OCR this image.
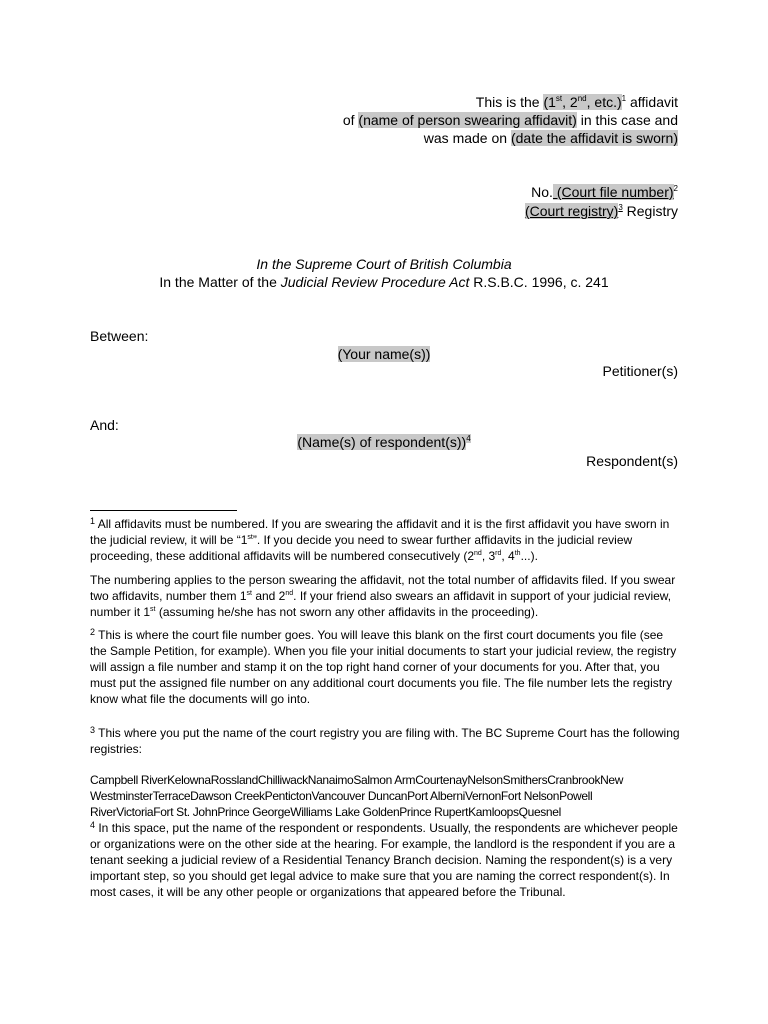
This is the (1st, 2nd, etc.)$^1$ affidavit
of (name of person swearing affidavit) in this case and
was made on (date the affidavit is sworn)
No. (Court file number)$^2$
(Court registry)$^3$ Registry
In the Supreme Court of British Columbia
In the Matter of the Judicial Review Procedure Act R.S.B.C. 1996, c. 241
Between:
(Your name(s))
Petitioner(s)
And:
(Name(s) of respondent(s))$^4$
Respondent(s)
$^1$ All affidavits must be numbered. If you are swearing the affidavit and it is the first affidavit you have sworn in the judicial review, it will be “1st”. If you decide you need to swear further affidavits in the judicial review proceeding, these additional affidavits will be numbered consecutively (2nd, 3rd, 4th...).
The numbering applies to the person swearing the affidavit, not the total number of affidavits filed. If you swear two affidavits, number them 1st and 2nd. If your friend also swears an affidavit in support of your judicial review, number it 1st (assuming he/she has not sworn any other affidavits in the proceeding).
$^2$ This is where the court file number goes. You will leave this blank on the first court documents you file (see the Sample Petition, for example). When you file your initial documents to start your judicial review, the registry will assign a file number and stamp it on the top right hand corner of your documents for you. After that, you must put the assigned file number on any additional court documents you file. The file number lets the registry know what file the documents will go into.
$^3$ This where you put the name of the court registry you are filing with. The BC Supreme Court has the following registries:
Campbell RiverKelownaRosslandChilliwackNanaimoSalmon ArmCourtenayNelsonSmithersCranbrookNew
WestminsterTerraceDawson CreekPentictonVancouver DuncanPort AlberniVernonFort NelsonPowell
RiverVictoriaFort St. JohnPrince GeorgeWilliams Lake GoldenPrince RupertKamloopsQuesnel
$^4$ In this space, put the name of the respondent or respondents. Usually, the respondents are whichever people or organizations were on the other side at the hearing. For example, the landlord is the respondent if you are a tenant seeking a judicial review of a Residential Tenancy Branch decision. Naming the respondent(s) is a very important step, so you should get legal advice to make sure that you are naming the correct respondent(s). In most cases, it will be any other people or organizations that appeared before the Tribunal.
